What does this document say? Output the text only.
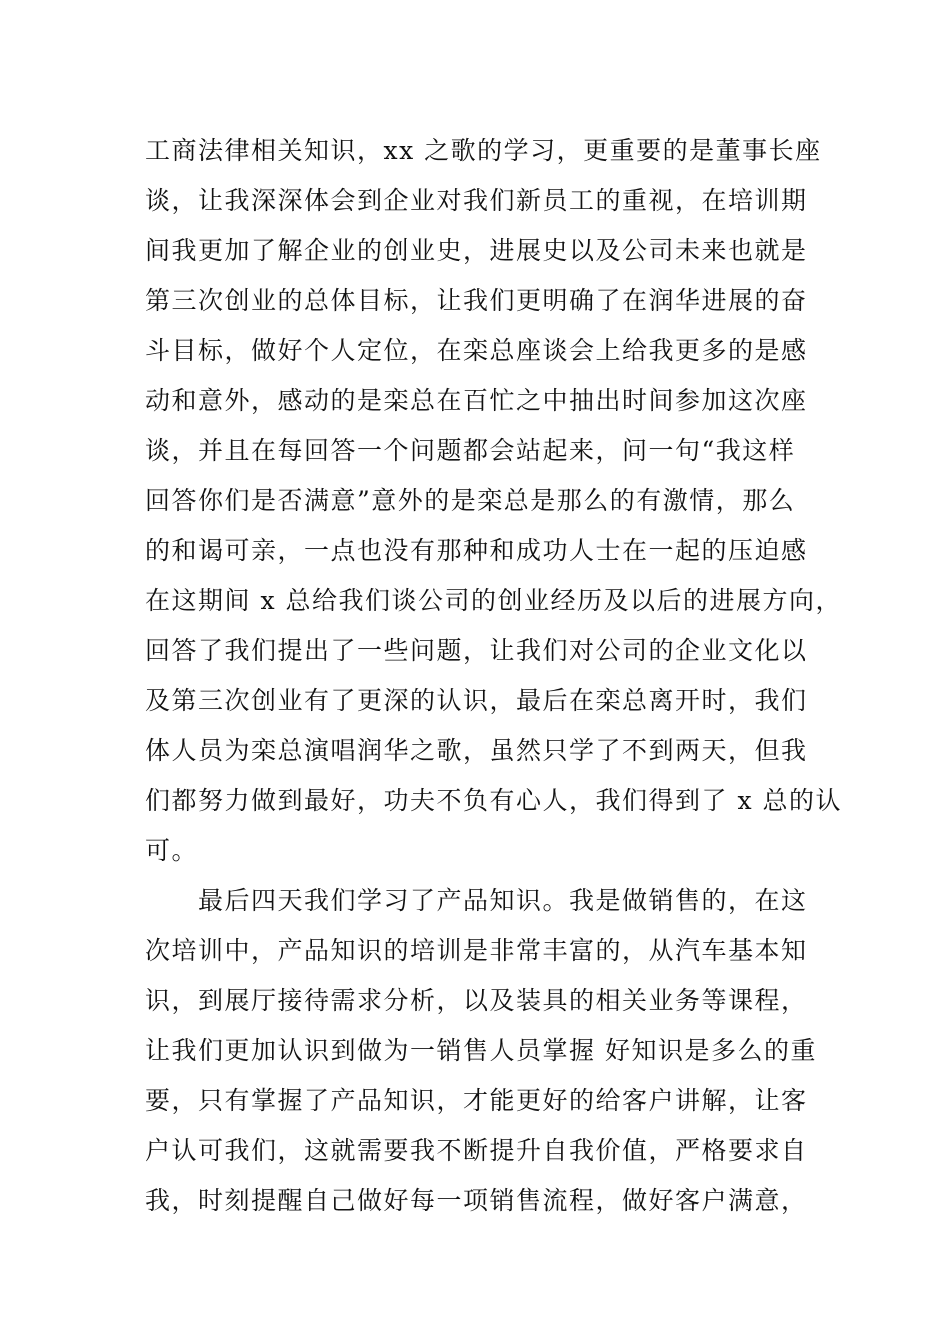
工商法律相关知识，xx 之歌的学习，更重要的是董事长座
谈，让我深深体会到企业对我们新员工的重视，在培训期
间我更加了解企业的创业史，进展史以及公司未来也就是
第三次创业的总体目标，让我们更明确了在润华进展的奋
斗目标，做好个人定位，在栾总座谈会上给我更多的是感
动和意外，感动的是栾总在百忙之中抽出时间参加这次座
谈，并且在每回答一个问题都会站起来，问一句“我这样
回答你们是否满意”意外的是栾总是那么的有激情，那么
的和谒可亲，一点也没有那种和成功人士在一起的压迫感
在这期间 x 总给我们谈公司的创业经历及以后的进展方向，
回答了我们提出了一些问题，让我们对公司的企业文化以
及第三次创业有了更深的认识，最后在栾总离开时，我们
体人员为栾总演唱润华之歌，虽然只学了不到两天，但我
们都努力做到最好，功夫不负有心人，我们得到了 x 总的认
可。
　　最后四天我们学习了产品知识。我是做销售的，在这
次培训中，产品知识的培训是非常丰富的，从汽车基本知
识，到展厅接待需求分析，以及装具的相关业务等课程，
让我们更加认识到做为一销售人员掌握 好知识是多么的重
要，只有掌握了产品知识，才能更好的给客户讲解，让客
户认可我们，这就需要我不断提升自我价值，严格要求自
我，时刻提醒自己做好每一项销售流程，做好客户满意，
